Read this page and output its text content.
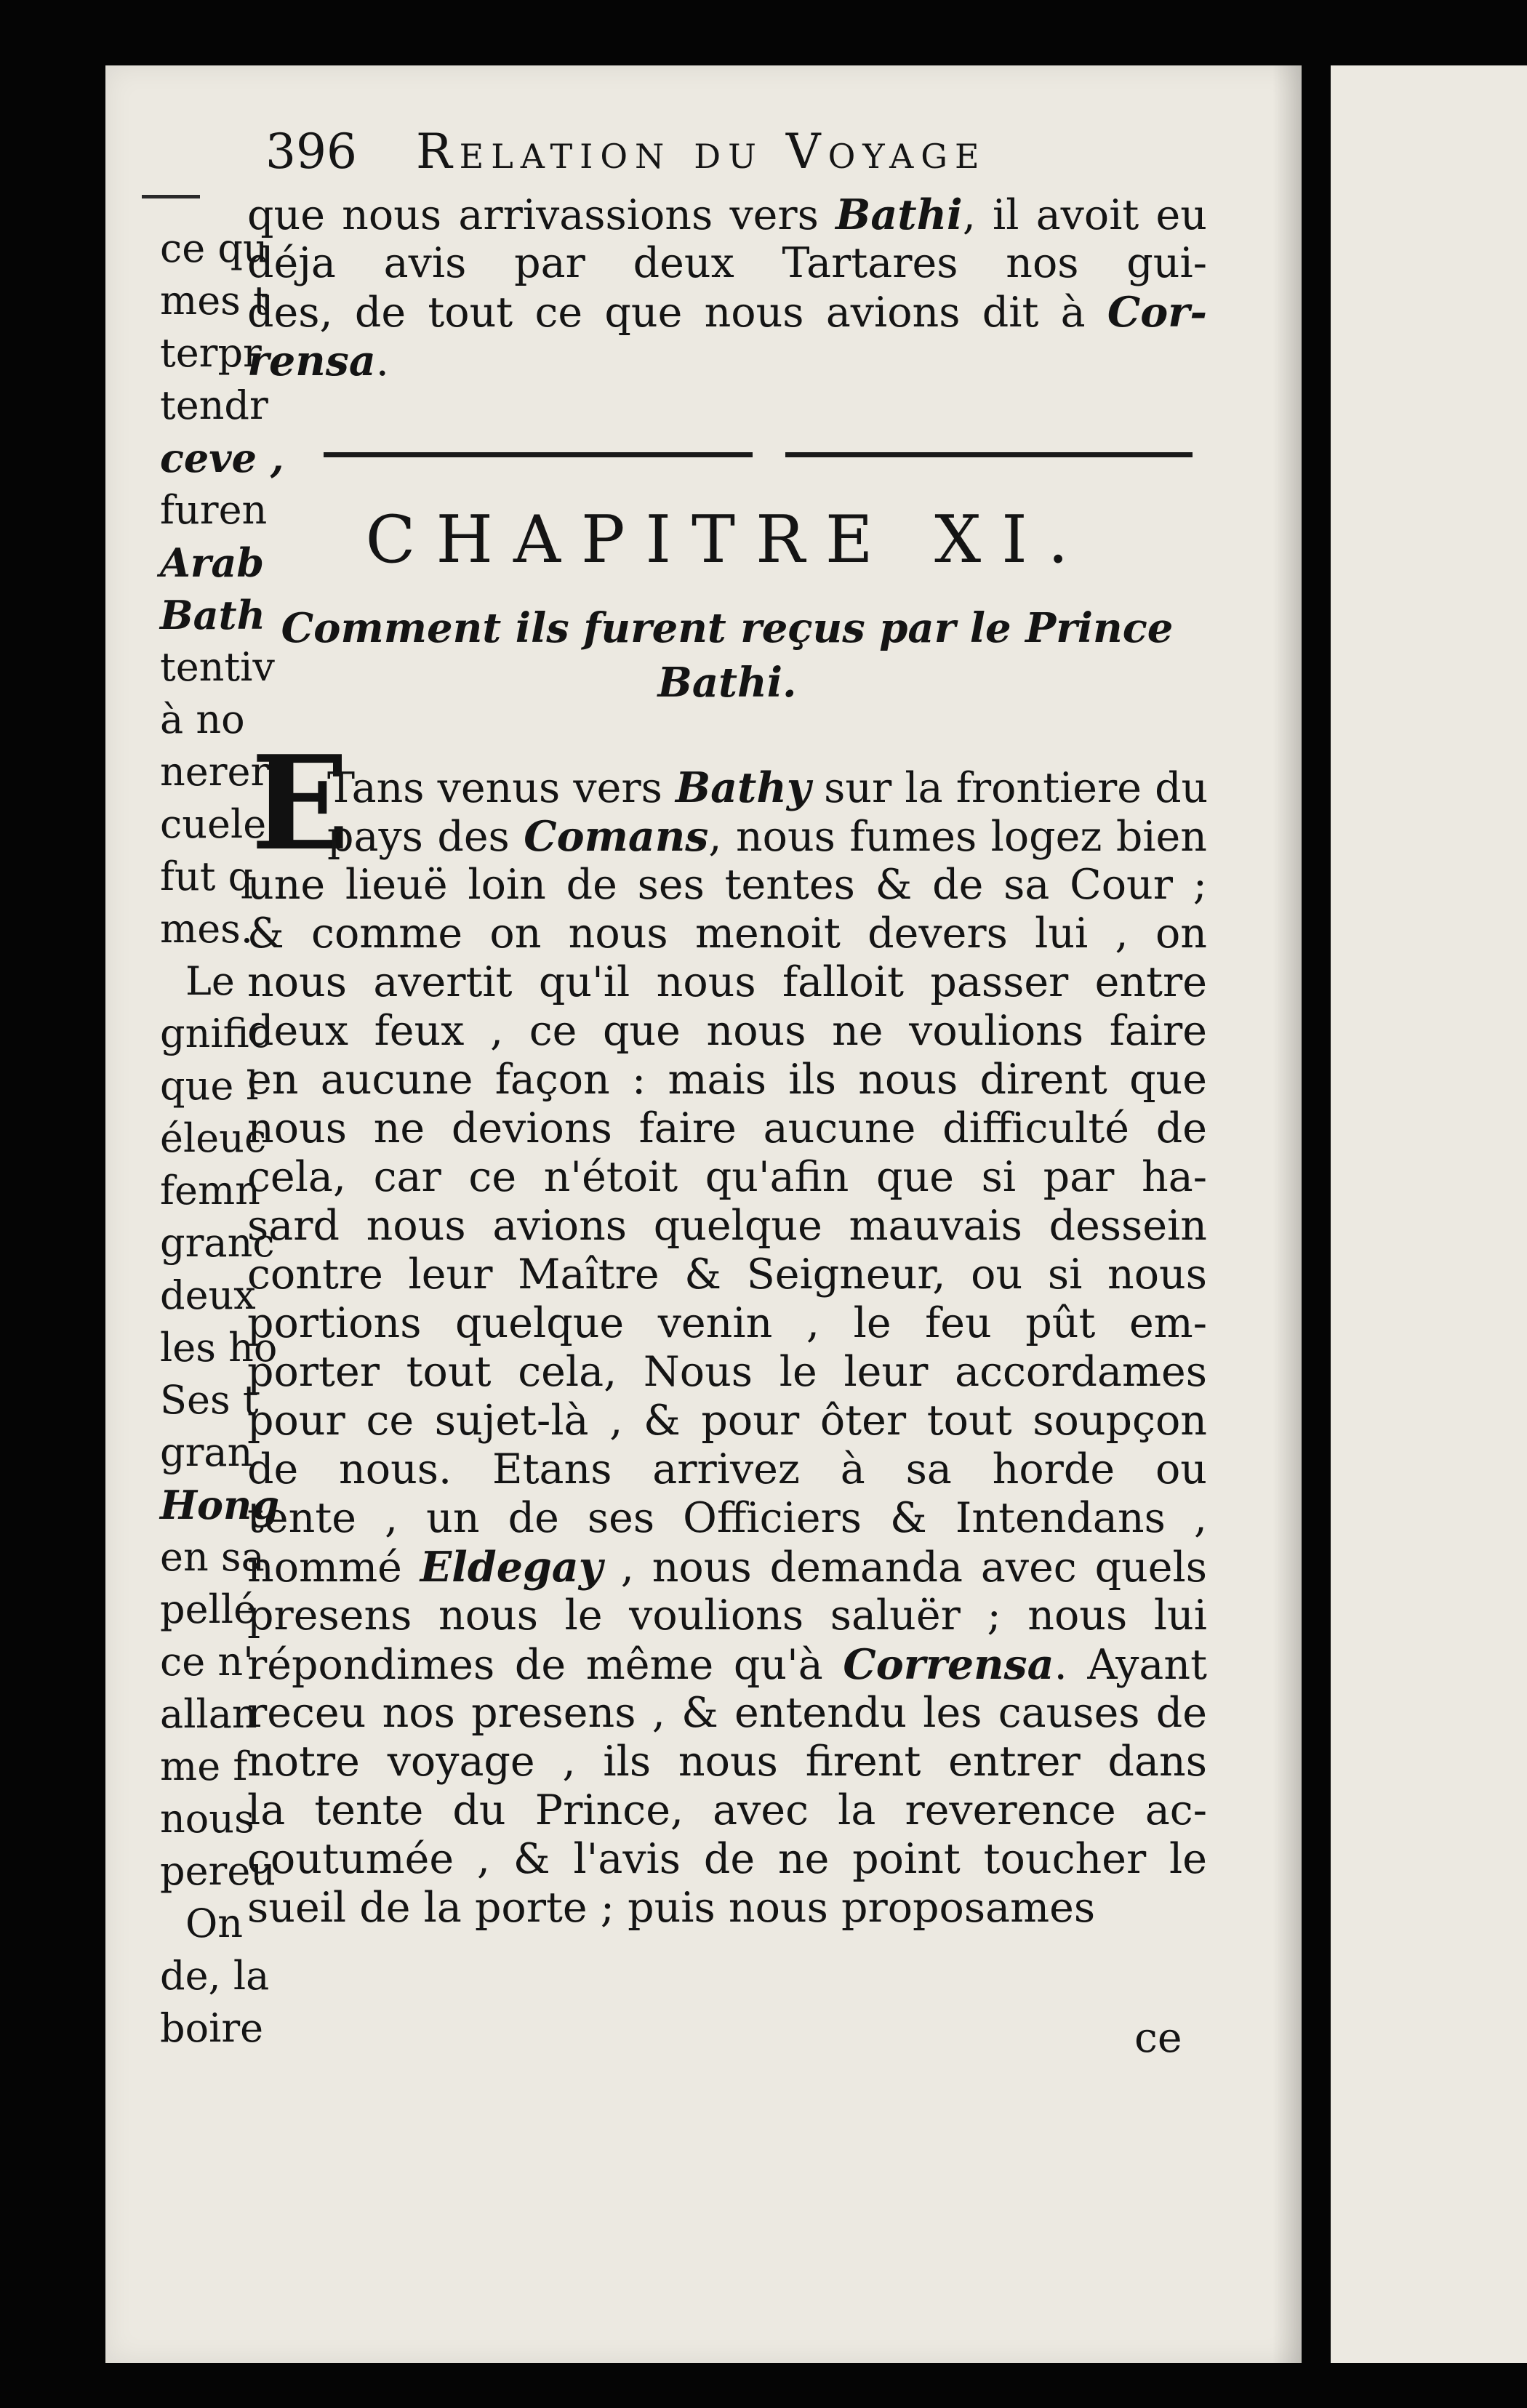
ce qu
mes t
terpr
tendr
ceve ,
furen
Arab
Bath
tentiv
à no
nerer
cuele
fut q
mes.
Le
gnific
que l
éleuc
femn
granc
deux
les ho
Ses t
gran
Hong
en sa
pellé
ce n'
allan
me f
nous
pereu
On
de, la
boire
396 Relation du Voyage
que nous arrivassions vers Bathi, il avoit eu
déja avis par deux Tartares nos gui-
des, de tout ce que nous avions dit à Cor-
rensa.
CHAPITRE XI.
Comment ils furent reçus par le Prince
Bathi.
E
Tans venus vers Bathy sur la frontiere du
pays des Comans, nous fumes logez bien
une lieuë loin de ses tentes & de sa Cour ;
& comme on nous menoit devers lui , on
nous avertit qu'il nous falloit passer entre
deux feux , ce que nous ne voulions faire
en aucune façon : mais ils nous dirent que
nous ne devions faire aucune difficulté de
cela, car ce n'étoit qu'afin que si par ha-
sard nous avions quelque mauvais dessein
contre leur Maître & Seigneur, ou si nous
portions quelque venin , le feu pût em-
porter tout cela, Nous le leur accordames
pour ce sujet-là , & pour ôter tout soupçon
de nous. Etans arrivez à sa horde ou
tente , un de ses Officiers & Intendans ,
nommé Eldegay , nous demanda avec quels
presens nous le voulions saluër ; nous lui
répondimes de même qu'à Corrensa. Ayant
receu nos presens , & entendu les causes de
notre voyage , ils nous firent entrer dans
la tente du Prince, avec la reverence ac-
coutumée , & l'avis de ne point toucher le
sueil de la porte ; puis nous proposames
ce
